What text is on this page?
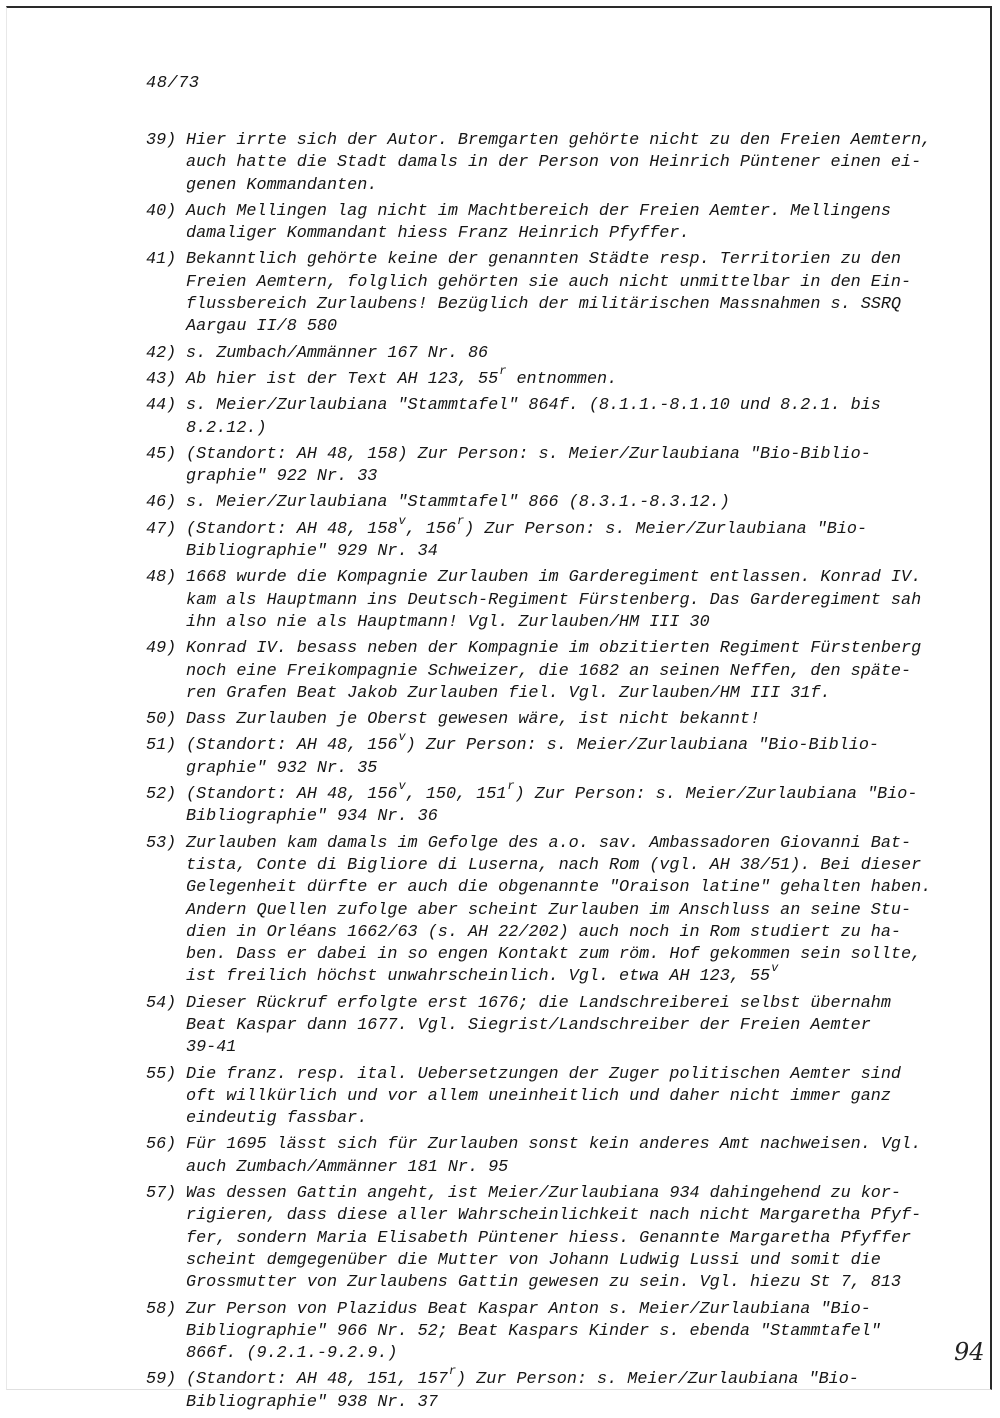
48/73
39) Hier irrte sich der Autor. Bremgarten gehörte nicht zu den Freien Aemtern,
auch hatte die Stadt damals in der Person von Heinrich Püntener einen ei-
genen Kommandanten.
40) Auch Mellingen lag nicht im Machtbereich der Freien Aemter. Mellingens
damaliger Kommandant hiess Franz Heinrich Pfyffer.
41) Bekanntlich gehörte keine der genannten Städte resp. Territorien zu den
Freien Aemtern, folglich gehörten sie auch nicht unmittelbar in den Ein-
flussbereich Zurlaubens! Bezüglich der militärischen Massnahmen s. SSRQ
Aargau II/8 580
42) s. Zumbach/Ammänner 167 Nr. 86
43) Ab hier ist der Text AH 123, 55r entnommen.
44) s. Meier/Zurlaubiana "Stammtafel" 864f. (8.1.1.-8.1.10 und 8.2.1. bis
8.2.12.)
45) (Standort: AH 48, 158) Zur Person: s. Meier/Zurlaubiana "Bio-Biblio-
graphie" 922 Nr. 33
46) s. Meier/Zurlaubiana "Stammtafel" 866 (8.3.1.-8.3.12.)
47) (Standort: AH 48, 158v, 156r) Zur Person: s. Meier/Zurlaubiana "Bio-
Bibliographie" 929 Nr. 34
48) 1668 wurde die Kompagnie Zurlauben im Garderegiment entlassen. Konrad IV.
kam als Hauptmann ins Deutsch-Regiment Fürstenberg. Das Garderegiment sah
ihn also nie als Hauptmann! Vgl. Zurlauben/HM III 30
49) Konrad IV. besass neben der Kompagnie im obzitierten Regiment Fürstenberg
noch eine Freikompagnie Schweizer, die 1682 an seinen Neffen, den späte-
ren Grafen Beat Jakob Zurlauben fiel. Vgl. Zurlauben/HM III 31f.
50) Dass Zurlauben je Oberst gewesen wäre, ist nicht bekannt!
51) (Standort: AH 48, 156v) Zur Person: s. Meier/Zurlaubiana "Bio-Biblio-
graphie" 932 Nr. 35
52) (Standort: AH 48, 156v, 150, 151r) Zur Person: s. Meier/Zurlaubiana "Bio-
Bibliographie" 934 Nr. 36
53) Zurlauben kam damals im Gefolge des a.o. sav. Ambassadoren Giovanni Bat-
tista, Conte di Bigliore di Luserna, nach Rom (vgl. AH 38/51). Bei dieser
Gelegenheit dürfte er auch die obgenannte "Oraison latine" gehalten haben.
Andern Quellen zufolge aber scheint Zurlauben im Anschluss an seine Stu-
dien in Orléans 1662/63 (s. AH 22/202) auch noch in Rom studiert zu ha-
ben. Dass er dabei in so engen Kontakt zum röm. Hof gekommen sein sollte,
ist freilich höchst unwahrscheinlich. Vgl. etwa AH 123, 55v
54) Dieser Rückruf erfolgte erst 1676; die Landschreiberei selbst übernahm
Beat Kaspar dann 1677. Vgl. Siegrist/Landschreiber der Freien Aemter
39-41
55) Die franz. resp. ital. Uebersetzungen der Zuger politischen Aemter sind
oft willkürlich und vor allem uneinheitlich und daher nicht immer ganz
eindeutig fassbar.
56) Für 1695 lässt sich für Zurlauben sonst kein anderes Amt nachweisen. Vgl.
auch Zumbach/Ammänner 181 Nr. 95
57) Was dessen Gattin angeht, ist Meier/Zurlaubiana 934 dahingehend zu kor-
rigieren, dass diese aller Wahrscheinlichkeit nach nicht Margaretha Pfyf-
fer, sondern Maria Elisabeth Püntener hiess. Genannte Margaretha Pfyffer
scheint demgegenüber die Mutter von Johann Ludwig Lussi und somit die
Grossmutter von Zurlaubens Gattin gewesen zu sein. Vgl. hiezu St 7, 813
58) Zur Person von Plazidus Beat Kaspar Anton s. Meier/Zurlaubiana "Bio-
Bibliographie" 966 Nr. 52; Beat Kaspars Kinder s. ebenda "Stammtafel"
866f. (9.2.1.-9.2.9.)
59) (Standort: AH 48, 151, 157r) Zur Person: s. Meier/Zurlaubiana "Bio-
Bibliographie" 938 Nr. 37
94
